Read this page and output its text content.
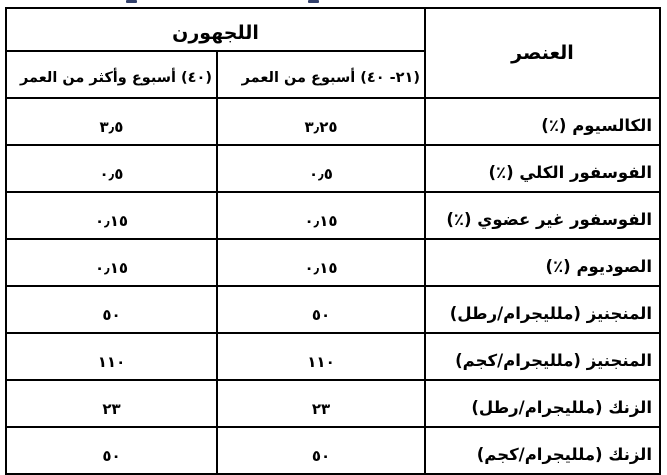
العنصر	اللجهورن	
	(٢١- ٤٠) أسبوع من العمر	(٤٠) أسبوع وأكثر من العمر
الكالسيوم (٪)	٣٫٢٥	٣٫٥
الفوسفور الكلي (٪)	٠٫٥	٠٫٥
الفوسفور غير عضوي (٪)	٠٫١٥	٠٫١٥
الصوديوم (٪)	٠٫١٥	٠٫١٥
المنجنيز (ملليجرام/رطل)	٥٠	٥٠
المنجنيز (ملليجرام/كجم)	١١٠	١١٠
الزنك (ملليجرام/رطل)	٢٣	٢٣
الزنك (ملليجرام/كجم)	٥٠	٥٠
